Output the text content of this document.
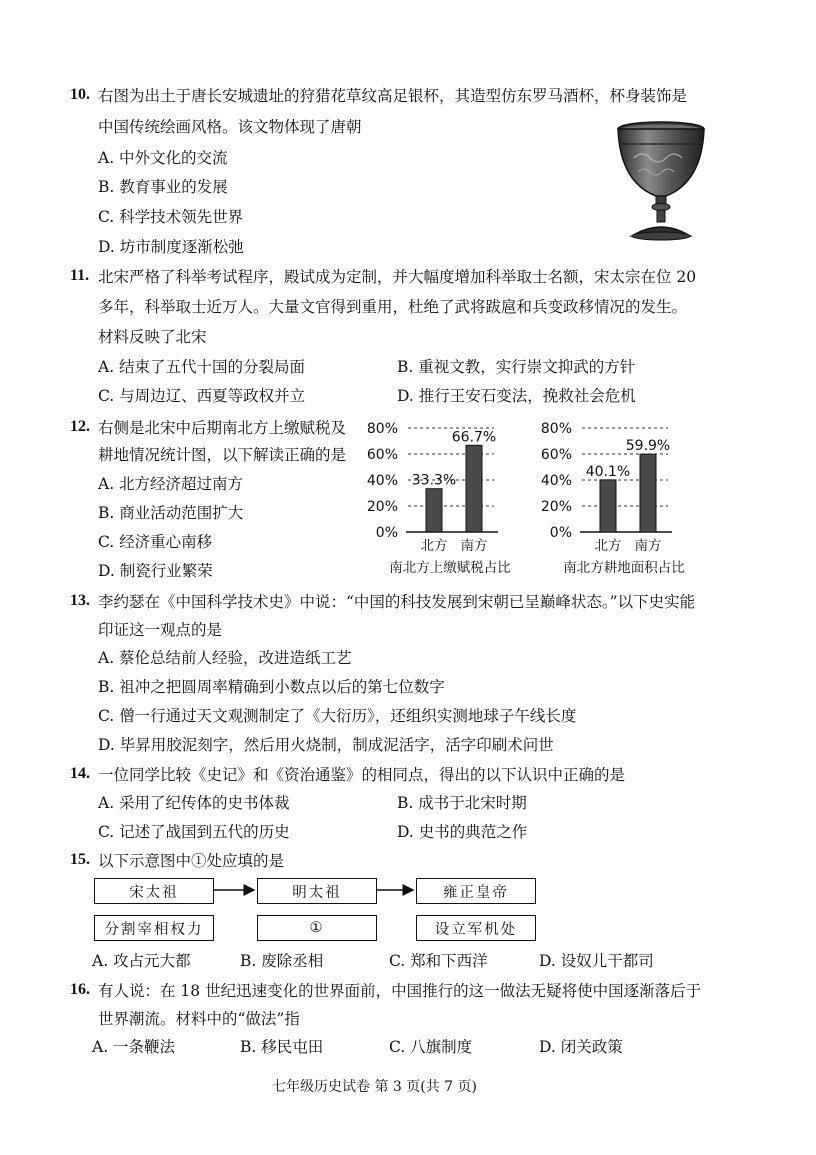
10. 右图为出土于唐长安城遗址的狩猎花草纹高足银杯，其造型仿东罗马酒杯，杯身装饰是
中国传统绘画风格。该文物体现了唐朝
A. 中外文化的交流
B. 教育事业的发展
C. 科学技术领先世界
D. 坊市制度逐渐松弛
11. 北宋严格了科举考试程序，殿试成为定制，并大幅度增加科举取士名额，宋太宗在位 20
多年，科举取士近万人。大量文官得到重用，杜绝了武将跋扈和兵变政移情况的发生。
材料反映了北宋
A. 结束了五代十国的分裂局面	B. 重视文教，实行崇文抑武的方针
C. 与周边辽、西夏等政权并立	D. 推行王安石变法，挽救社会危机
12. 右侧是北宋中后期南北方上缴赋税及
耕地情况统计图，以下解读正确的是
A. 北方经济超过南方
B. 商业活动范围扩大
C. 经济重心南移
D. 制瓷行业繁荣
80%
60%
40%
20%
0%
33.3%
北方
66.7%
南方
南北方上缴赋税占比
80%
60%
40%
20%
0%
40.1%
北方
59.9%
南方
南北方耕地面积占比
13. 李约瑟在《中国科学技术史》中说：“中国的科技发展到宋朝已呈巅峰状态。”以下史实能
印证这一观点的是
A. 蔡伦总结前人经验，改进造纸工艺
B. 祖冲之把圆周率精确到小数点以后的第七位数字
C. 僧一行通过天文观测制定了《大衍历》，还组织实测地球子午线长度
D. 毕昇用胶泥刻字，然后用火烧制，制成泥活字，活字印刷术问世
14. 一位同学比较《史记》和《资治通鉴》的相同点，得出的以下认识中正确的是
A. 采用了纪传体的史书体裁	B. 成书于北宋时期
C. 记述了战国到五代的历史	D. 史书的典范之作
15. 以下示意图中①处应填的是
宋太祖	明太祖	雍正皇帝
分割宰相权力	①	设立军机处
A. 攻占元大都	B. 废除丞相	C. 郑和下西洋	D. 设奴儿干都司
16. 有人说：在 18 世纪迅速变化的世界面前，中国推行的这一做法无疑将使中国逐渐落后于
世界潮流。材料中的“做法”指
A. 一条鞭法	B. 移民屯田	C. 八旗制度	D. 闭关政策
七年级历史试卷 第 3 页(共 7 页)
